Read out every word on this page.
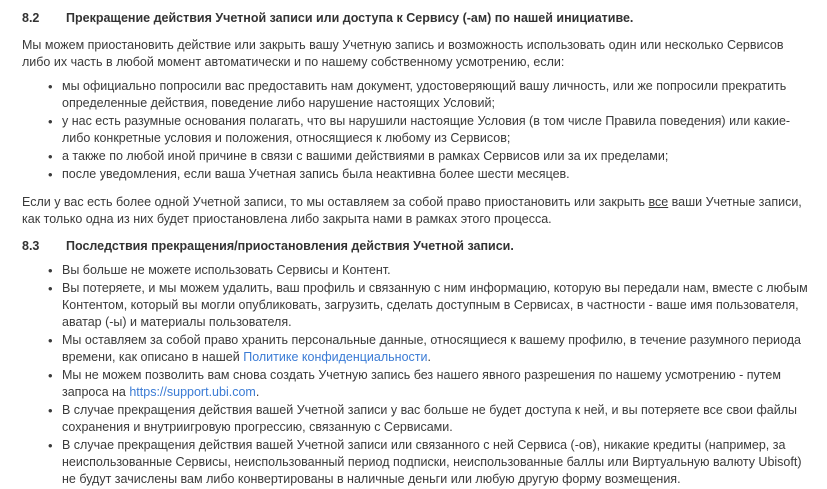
8.2	Прекращение действия Учетной записи или доступа к Сервису (-ам) по нашей инициативе.

Мы можем приостановить действие или закрыть вашу Учетную запись и возможность использовать один или несколько Сервисов либо их часть в любой момент автоматически и по нашему собственному усмотрению, если:

• мы официально попросили вас предоставить нам документ, удостоверяющий вашу личность, или же попросили прекратить определенные действия, поведение либо нарушение настоящих Условий;
• у нас есть разумные основания полагать, что вы нарушили настоящие Условия (в том числе Правила поведения) или какие-либо конкретные условия и положения, относящиеся к любому из Сервисов;
• а также по любой иной причине в связи с вашими действиями в рамках Сервисов или за их пределами;
• после уведомления, если ваша Учетная запись была неактивна более шести месяцев.

Если у вас есть более одной Учетной записи, то мы оставляем за собой право приостановить или закрыть все ваши Учетные записи, как только одна из них будет приостановлена либо закрыта нами в рамках этого процесса.

8.3	Последствия прекращения/приостановления действия Учетной записи.
• Вы больше не можете использовать Сервисы и Контент.
• Вы потеряете, и мы можем удалить, ваш профиль и связанную с ним информацию, которую вы передали нам, вместе с любым Контентом, который вы могли опубликовать, загрузить, сделать доступным в Сервисах, в частности - ваше имя пользователя, аватар (-ы) и материалы пользователя.
• Мы оставляем за собой право хранить персональные данные, относящиеся к вашему профилю, в течение разумного периода времени, как описано в нашей Политике конфиденциальности.
• Мы не можем позволить вам снова создать Учетную запись без нашего явного разрешения по нашему усмотрению - путем запроса на https://support.ubi.com.
• В случае прекращения действия вашей Учетной записи у вас больше не будет доступа к ней, и вы потеряете все свои файлы сохранения и внутриигровую прогрессию, связанную с Сервисами.
• В случае прекращения действия вашей Учетной записи или связанного с ней Сервиса (-ов), никакие кредиты (например, за неиспользованные Сервисы, неиспользованный период подписки, неиспользованные баллы или Виртуальную валюту Ubisoft) не будут зачислены вам либо конвертированы в наличные деньги или любую другую форму возмещения.
